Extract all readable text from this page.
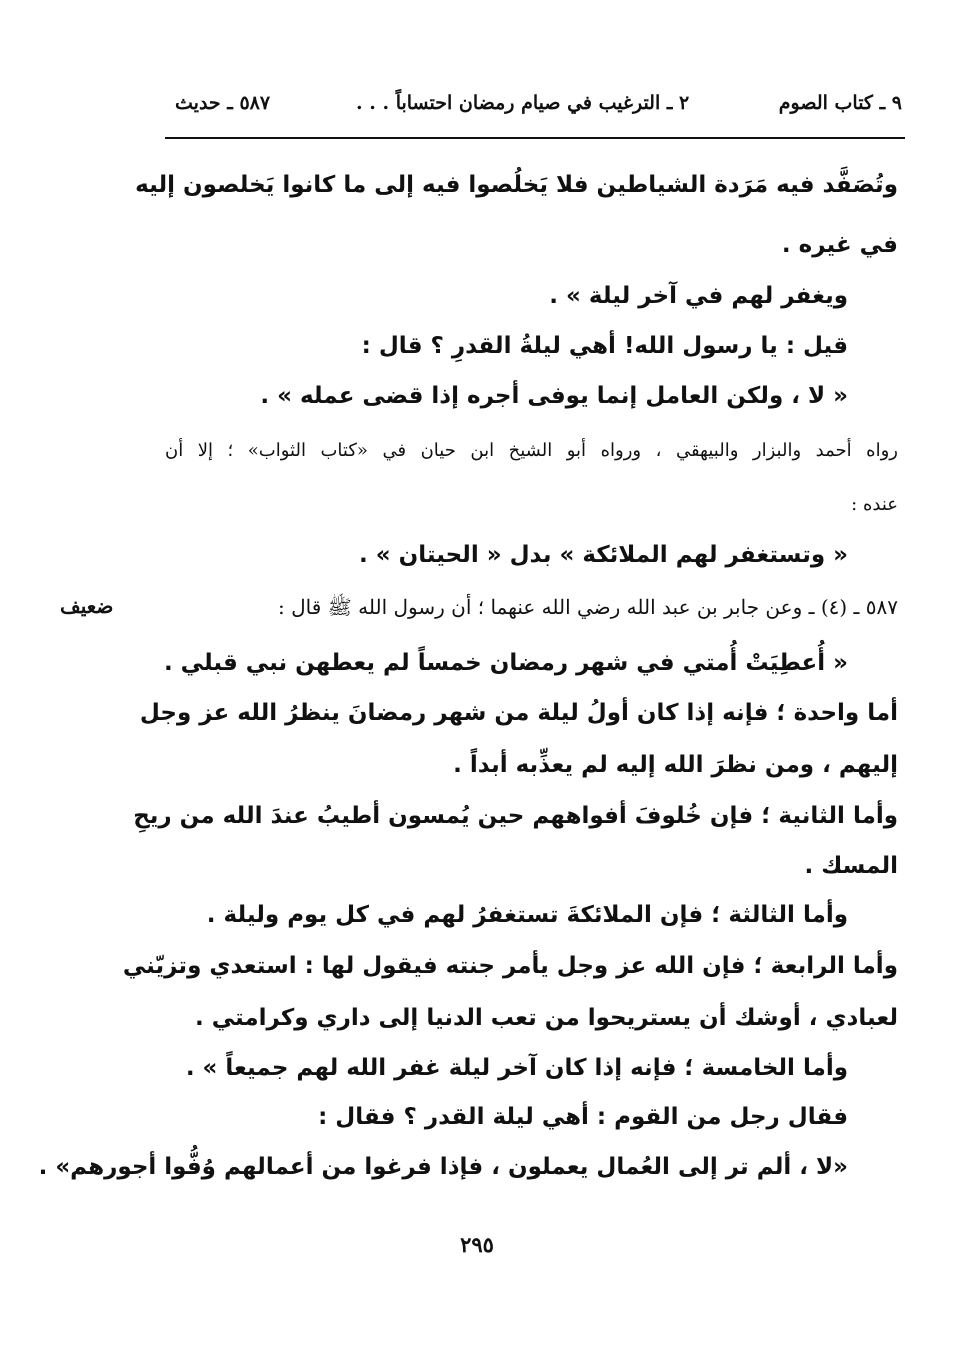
٩ ـ كتاب الصوم
٢ ـ الترغيب في صيام رمضان احتساباً . . .
٥٨٧ ـ حديث
وتُصَفَّد فيه مَرَدة الشياطين فلا يَخلُصوا فيه إلى ما كانوا يَخلصون إليه
في غيره .
ويغفر لهم في آخر ليلة » .
قيل : يا رسول الله! أهي ليلةُ القدرِ ؟ قال :
« لا ، ولكن العامل إنما يوفى أجره إذا قضى عمله » .
رواه أحمد والبزار والبيهقي ، ورواه أبو الشيخ ابن حيان في «كتاب الثواب» ؛ إلا أن
عنده :
« وتستغفر لهم الملائكة » بدل « الحيتان » .
ضعيف	٥٨٧ ـ (٤) ـ وعن جابر بن عبد الله رضي الله عنهما ؛ أن رسول الله ﷺ قال :
« أُعطِيَتْ أُمتي في شهر رمضان خمساً لم يعطهن نبي قبلي .
أما واحدة ؛ فإنه إذا كان أولُ ليلة من شهر رمضانَ ينظرُ الله عز وجل
إليهم ، ومن نظرَ الله إليه لم يعذِّبه أبداً .
وأما الثانية ؛ فإن خُلوفَ أفواههم حين يُمسون أطيبُ عندَ الله من ريحِ
المسك .
وأما الثالثة ؛ فإن الملائكةَ تستغفرُ لهم في كل يوم وليلة .
وأما الرابعة ؛ فإن الله عز وجل يأمر جنته فيقول لها : استعدي وتزيّني
لعبادي ، أوشك أن يستريحوا من تعب الدنيا إلى داري وكرامتي .
وأما الخامسة ؛ فإنه إذا كان آخر ليلة غفر الله لهم جميعاً » .
فقال رجل من القوم : أهي ليلة القدر ؟ فقال :
«لا ، ألم تر إلى العُمال يعملون ، فإذا فرغوا من أعمالهم وُفُّوا أجورهم» .
٢٩٥
